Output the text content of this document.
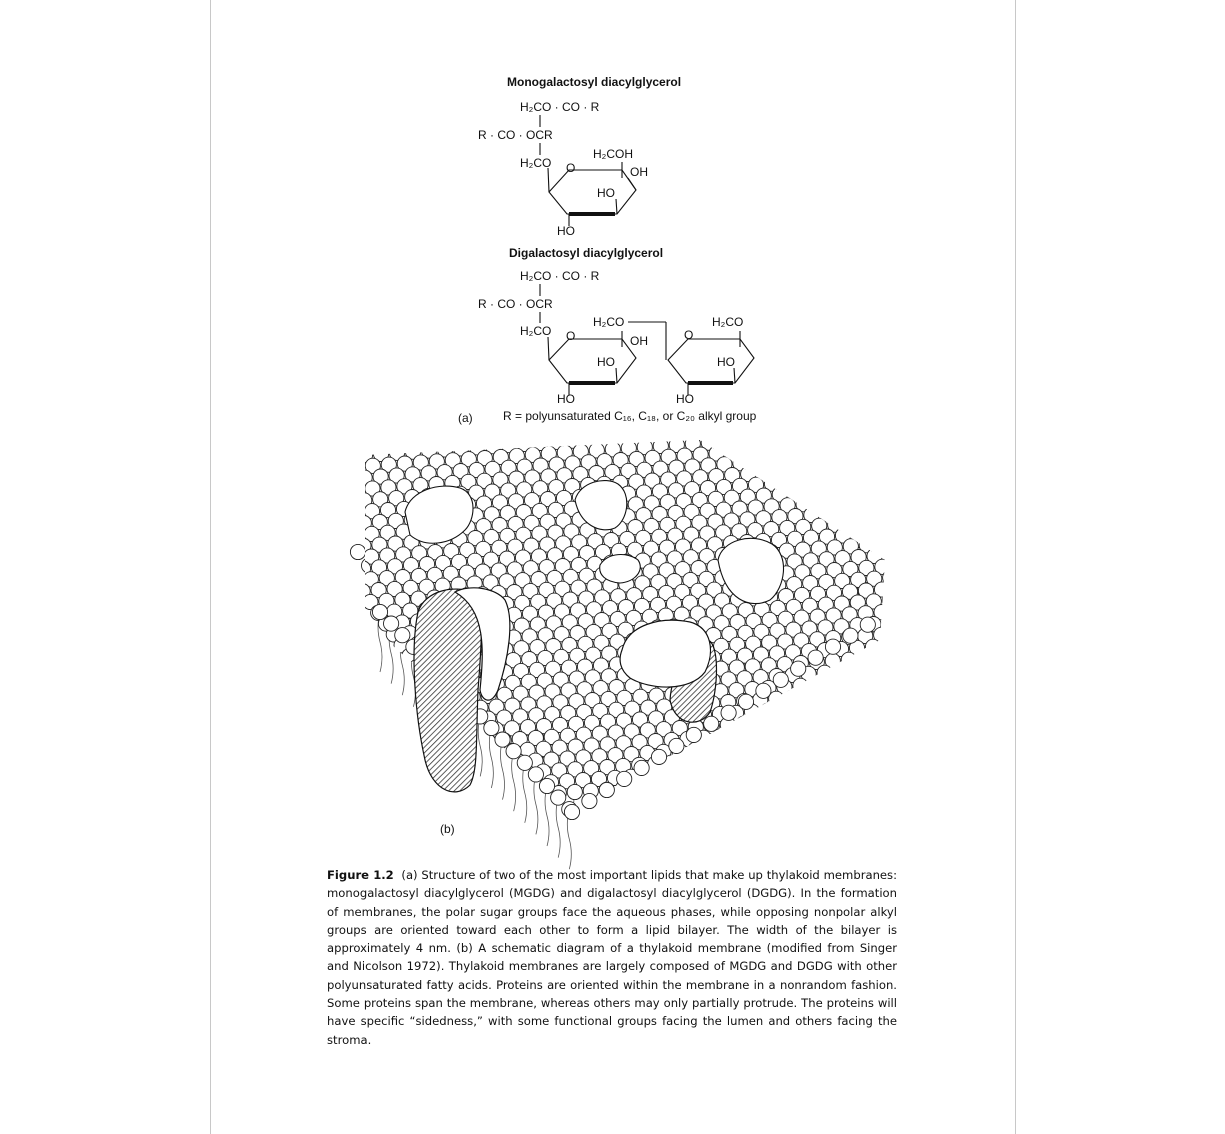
Monogalactosyl diacylglycerol
H₂CO · CO · R
R · CO · OCR
H₂CO O
H₂COH
OH
HO
HO
Digalactosyl diacylglycerol
H₂CO · CO · R
R · CO · OCR
H₂CO O
H₂CO
OH
HO
HO
O
H₂CO
HO
HO
(a)	R = polyunsaturated C₁₆, C₁₈, or C₂₀ alkyl group
(b)
Figure 1.2 (a) Structure of two of the most important lipids that make up thylakoid membranes: monogalactosyl diacylglycerol (MGDG) and digalactosyl diacylglycerol (DGDG). In the formation of membranes, the polar sugar groups face the aqueous phases, while opposing nonpolar alkyl groups are oriented toward each other to form a lipid bilayer. The width of the bilayer is approximately 4 nm. (b) A schematic diagram of a thylakoid membrane (modified from Singer and Nicolson 1972). Thylakoid membranes are largely composed of MGDG and DGDG with other polyunsaturated fatty acids. Proteins are oriented within the membrane in a nonrandom fashion. Some proteins span the membrane, whereas others may only partially protrude. The proteins will have specific “sidedness,” with some functional groups facing the lumen and others facing the stroma.
